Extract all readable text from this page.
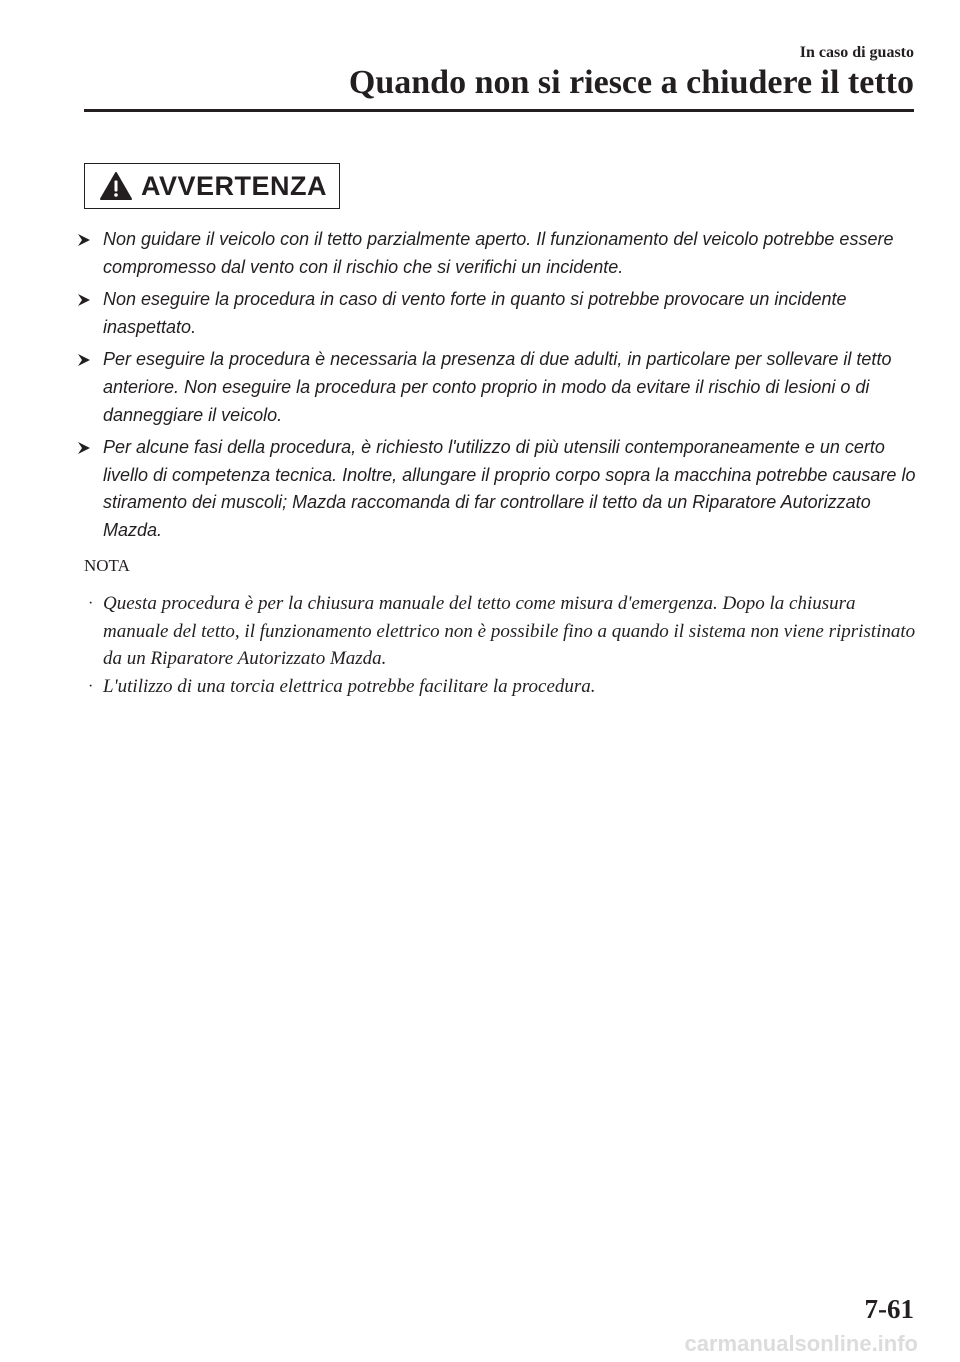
In caso di guasto
Quando non si riesce a chiudere il tetto
AVVERTENZA
Non guidare il veicolo con il tetto parzialmente aperto. Il funzionamento del veicolo potrebbe essere compromesso dal vento con il rischio che si verifichi un incidente.
Non eseguire la procedura in caso di vento forte in quanto si potrebbe provocare un incidente inaspettato.
Per eseguire la procedura è necessaria la presenza di due adulti, in particolare per sollevare il tetto anteriore. Non eseguire la procedura per conto proprio in modo da evitare il rischio di lesioni o di danneggiare il veicolo.
Per alcune fasi della procedura, è richiesto l'utilizzo di più utensili contemporaneamente e un certo livello di competenza tecnica. Inoltre, allungare il proprio corpo sopra la macchina potrebbe causare lo stiramento dei muscoli; Mazda raccomanda di far controllare il tetto da un Riparatore Autorizzato Mazda.
NOTA
· Questa procedura è per la chiusura manuale del tetto come misura d'emergenza. Dopo la chiusura manuale del tetto, il funzionamento elettrico non è possibile fino a quando il sistema non viene ripristinato da un Riparatore Autorizzato Mazda.
· L'utilizzo di una torcia elettrica potrebbe facilitare la procedura.
7-61
carmanualsonline.info
